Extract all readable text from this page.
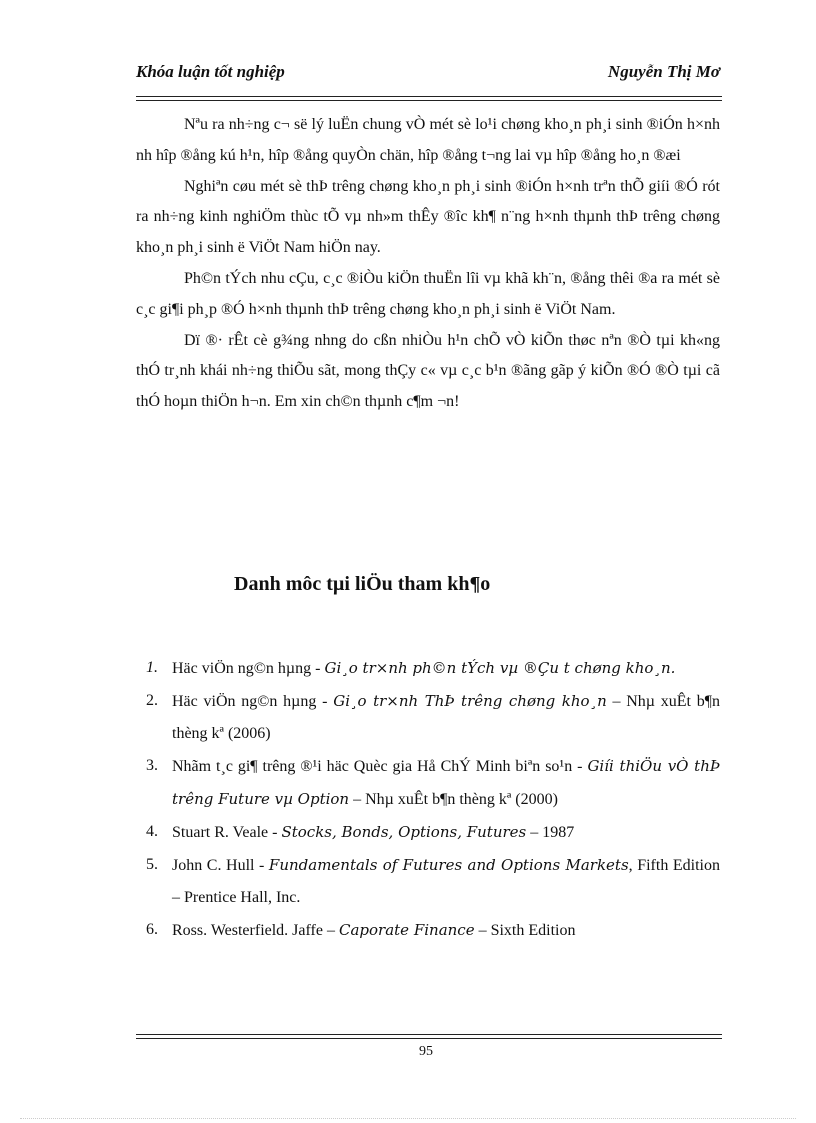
Khóa luận tốt nghiệp	Nguyễn Thị Mơ

Nªu ra nh÷ng c¬ së lý luËn chung vÒ mét sè lo¹i chøng kho¸n ph¸i sinh ®iÓn h×nh nh hîp ®ång kú h¹n, hîp ®ång quyÒn chän, hîp ®ång t¬ng lai vµ hîp ®ång ho¸n ®æi

Nghiªn cøu mét sè thÞ trêng chøng kho¸n ph¸i sinh ®iÓn h×nh trªn thÕ giíi ®Ó rót ra nh÷ng kinh nghiÖm thùc tÕ vµ nh»m thÊy ®îc kh¶ n¨ng h×nh thµnh thÞ trêng chøng kho¸n ph¸i sinh ë ViÖt Nam hiÖn nay.

Ph©n tÝch nhu cÇu, c¸c ®iÒu kiÖn thuËn lîi vµ khã kh¨n, ®ång thêi ®a ra mét sè c¸c gi¶i ph¸p ®Ó h×nh thµnh thÞ trêng chøng kho¸n ph¸i sinh ë ViÖt Nam.

Dï ®· rÊt cè g¾ng nhng do cßn nhiÒu h¹n chÕ vÒ kiÕn thøc nªn ®Ò tµi kh«ng thÓ tr¸nh khái nh÷ng thiÕu sãt, mong thÇy c« vµ c¸c b¹n ®ãng gãp ý kiÕn ®Ó ®Ò tµi cã thÓ hoµn thiÖn h¬n. Em xin ch©n thµnh c¶m ¬n!

Danh môc tµi liÖu tham kh¶o
1. Häc viÖn ng©n hµng - Gi¸o tr×nh ph©n tÝch vµ ®Çu t chøng kho¸n.
2. Häc viÖn ng©n hµng - Gi¸o tr×nh ThÞ trêng chøng kho¸n – Nhµ xuÊt b¶n thèng kª (2006)
3. Nhãm t¸c gi¶ trêng ®¹i häc Quèc gia Hå ChÝ Minh biªn so¹n - Giíi thiÖu vÒ thÞ trêng Future vµ Option – Nhµ xuÊt b¶n thèng kª (2000)
4. Stuart R. Veale - Stocks, Bonds, Options, Futures – 1987
5. John C. Hull - Fundamentals of Futures and Options Markets, Fifth Edition – Prentice Hall, Inc.
6. Ross. Westerfield. Jaffe – Caporate Finance – Sixth Edition
95
